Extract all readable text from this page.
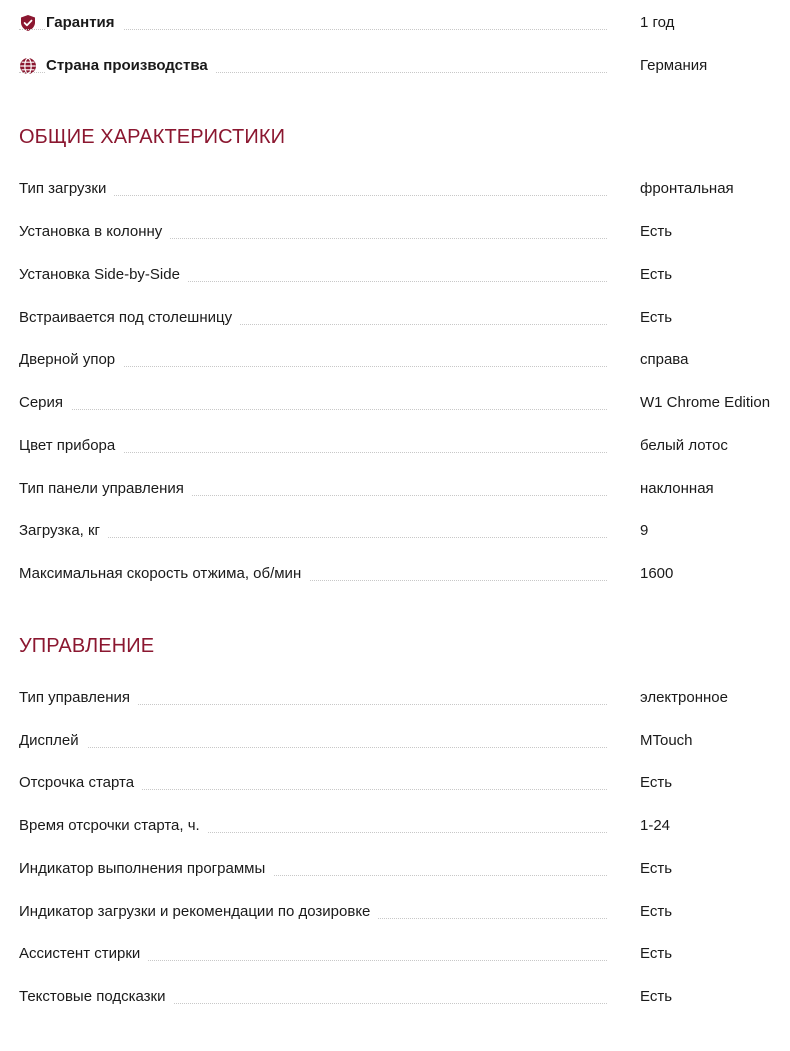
Гарантия	1 год
Страна производства	Германия
ОБЩИЕ ХАРАКТЕРИСТИКИ
Тип загрузки	фронтальная
Установка в колонну	Есть
Установка Side-by-Side	Есть
Встраивается под столешницу	Есть
Дверной упор	справа
Серия	W1 Chrome Edition
Цвет прибора	белый лотос
Тип панели управления	наклонная
Загрузка, кг	9
Максимальная скорость отжима, об/мин	1600
УПРАВЛЕНИЕ
Тип управления	электронное
Дисплей	MTouch
Отсрочка старта	Есть
Время отсрочки старта, ч.	1-24
Индикатор выполнения программы	Есть
Индикатор загрузки и рекомендации по дозировке	Есть
Ассистент стирки	Есть
Текстовые подсказки	Есть
